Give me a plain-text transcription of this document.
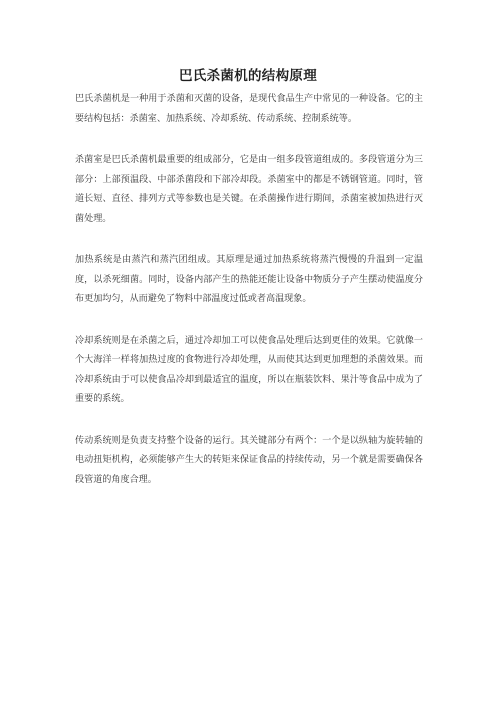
巴氏杀菌机的结构原理

巴氏杀菌机是一种用于杀菌和灭菌的设备，是现代食品生产中常见的一种设备。它的主要结构包括：杀菌室、加热系统、冷却系统、传动系统、控制系统等。

杀菌室是巴氏杀菌机最重要的组成部分，它是由一组多段管道组成的。多段管道分为三部分：上部预温段、中部杀菌段和下部冷却段。杀菌室中的都是不锈钢管道。同时，管道长短、直径、排列方式等参数也是关键。在杀菌操作进行期间，杀菌室被加热进行灭菌处理。

加热系统是由蒸汽和蒸汽团组成。其原理是通过加热系统将蒸汽慢慢的升温到一定温度，以杀死细菌。同时，设备内部产生的热能还能让设备中物质分子产生摆动使温度分布更加均匀，从而避免了物料中部温度过低或者高温现象。

冷却系统则是在杀菌之后，通过冷却加工可以使食品处理后达到更佳的效果。它就像一个大海洋一样将加热过度的食物进行冷却处理，从而使其达到更加理想的杀菌效果。而冷却系统由于可以使食品冷却到最适宜的温度，所以在瓶装饮料、果汁等食品中成为了重要的系统。

传动系统则是负责支持整个设备的运行。其关键部分有两个：一个是以纵轴为旋转轴的电动扭矩机构，必须能够产生大的转矩来保证食品的持续传动，另一个就是需要确保各段管道的角度合理。
